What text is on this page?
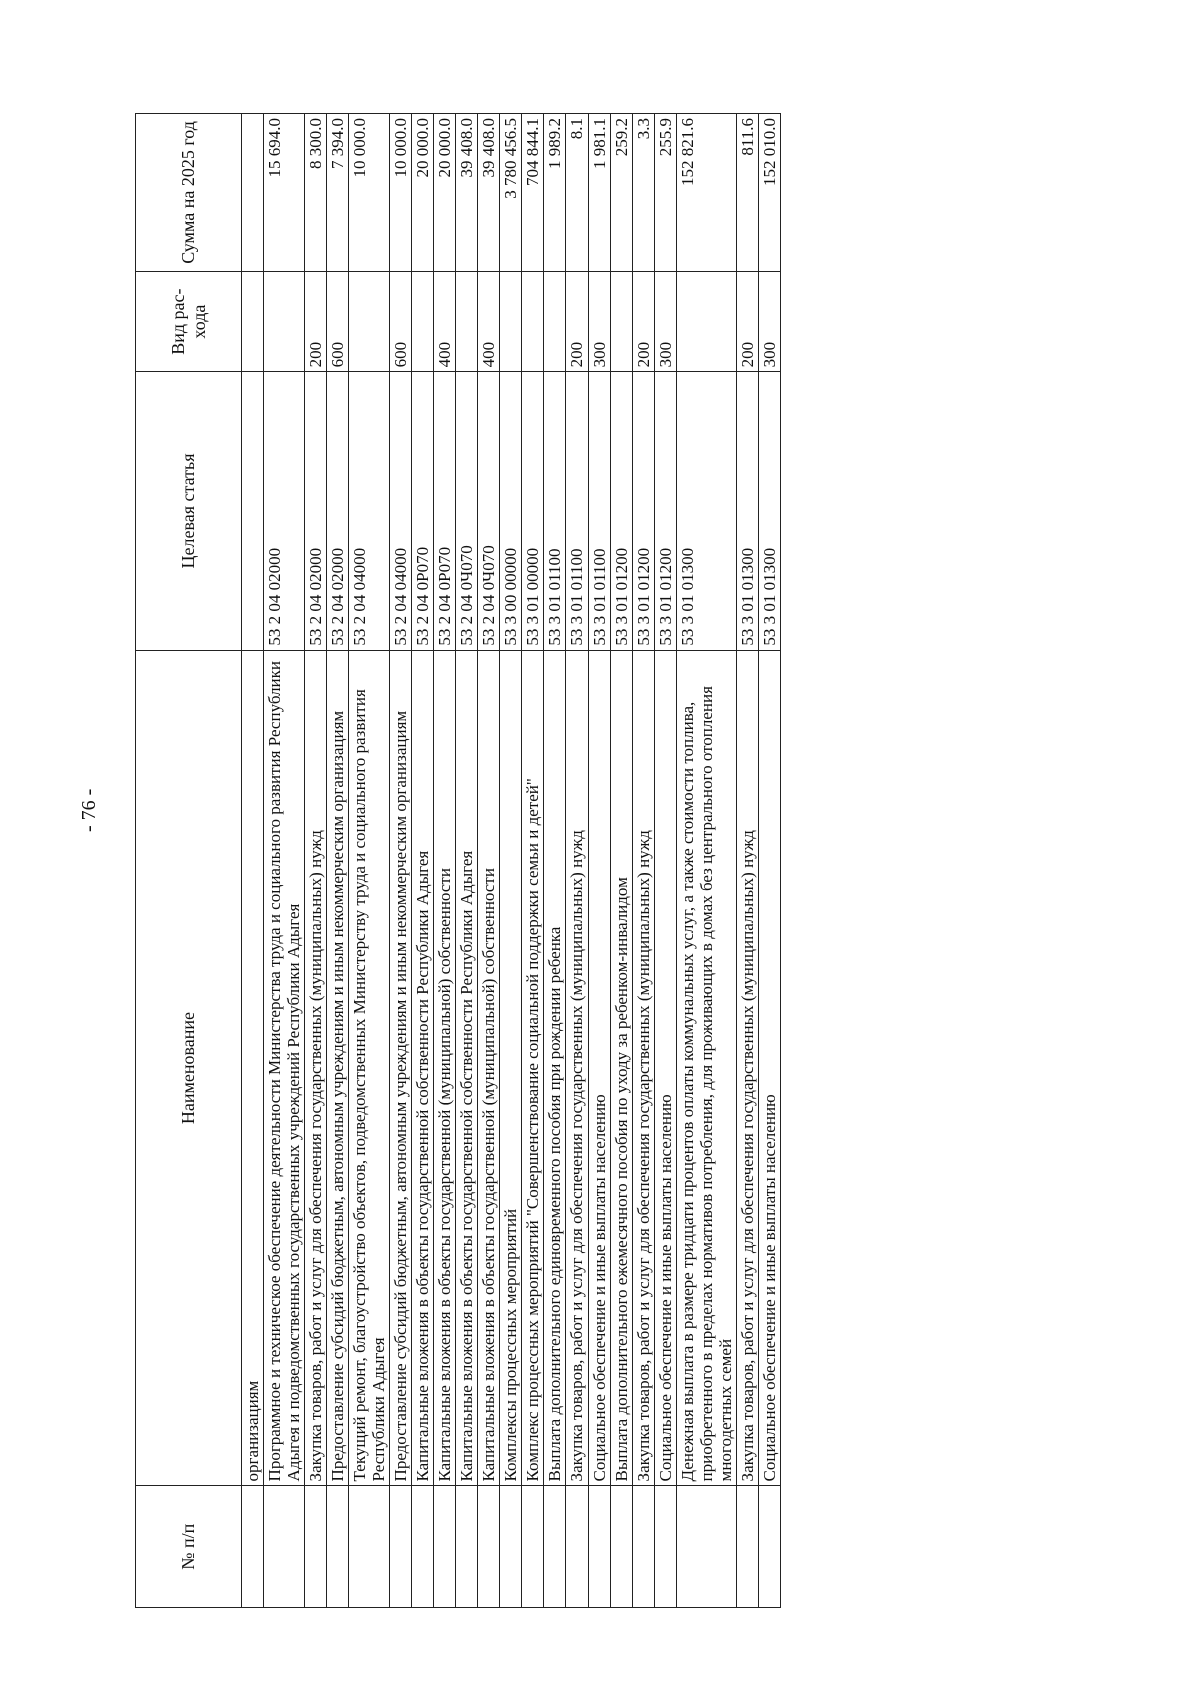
- 76 -
№ п/п	Наименование	Целевая статья	Вид рас- хода	Сумма на 2025 год
	организациям			
	Программное и техническое обеспечение деятельности Министерства труда и социального развития Республики Адыгея и подведомственных государственных учреждений Республики Адыгея	53 2 04 02000		15 694.0
	Закупка товаров, работ и услуг для обеспечения государственных (муниципальных) нужд	53 2 04 02000	200	8 300.0
	Предоставление субсидий бюджетным, автономным учреждениям и иным некоммерческим организациям	53 2 04 02000	600	7 394.0
	Текущий ремонт, благоустройство объектов, подведомственных Министерству труда и социального развития Республики Адыгея	53 2 04 04000		10 000.0
	Предоставление субсидий бюджетным, автономным учреждениям и иным некоммерческим организациям	53 2 04 04000	600	10 000.0
	Капитальные вложения в объекты государственной собственности Республики Адыгея	53 2 04 0Р070		20 000.0
	Капитальные вложения в объекты государственной (муниципальной) собственности	53 2 04 0Р070	400	20 000.0
	Капитальные вложения в объекты государственной собственности Республики Адыгея	53 2 04 0Ч070		39 408.0
	Капитальные вложения в объекты государственной (муниципальной) собственности	53 2 04 0Ч070	400	39 408.0
	Комплексы процессных мероприятий	53 3 00 00000		3 780 456.5
	Комплекс процессных мероприятий "Совершенствование социальной поддержки семьи и детей"	53 3 01 00000		704 844.1
	Выплата дополнительного единовременного пособия при рождении ребенка	53 3 01 01100		1 989.2
	Закупка товаров, работ и услуг для обеспечения государственных (муниципальных) нужд	53 3 01 01100	200	8.1
	Социальное обеспечение и иные выплаты населению	53 3 01 01100	300	1 981.1
	Выплата дополнительного ежемесячного пособия по уходу за ребенком-инвалидом	53 3 01 01200		259.2
	Закупка товаров, работ и услуг для обеспечения государственных (муниципальных) нужд	53 3 01 01200	200	3.3
	Социальное обеспечение и иные выплаты населению	53 3 01 01200	300	255.9
	Денежная выплата в размере тридцати процентов оплаты коммунальных услуг, а также стоимости топлива, приобретенного в пределах нормативов потребления, для проживающих в домах без центрального отопления многодетных семей	53 3 01 01300		152 821.6
	Закупка товаров, работ и услуг для обеспечения государственных (муниципальных) нужд	53 3 01 01300	200	811.6
	Социальное обеспечение и иные выплаты населению	53 3 01 01300	300	152 010.0
